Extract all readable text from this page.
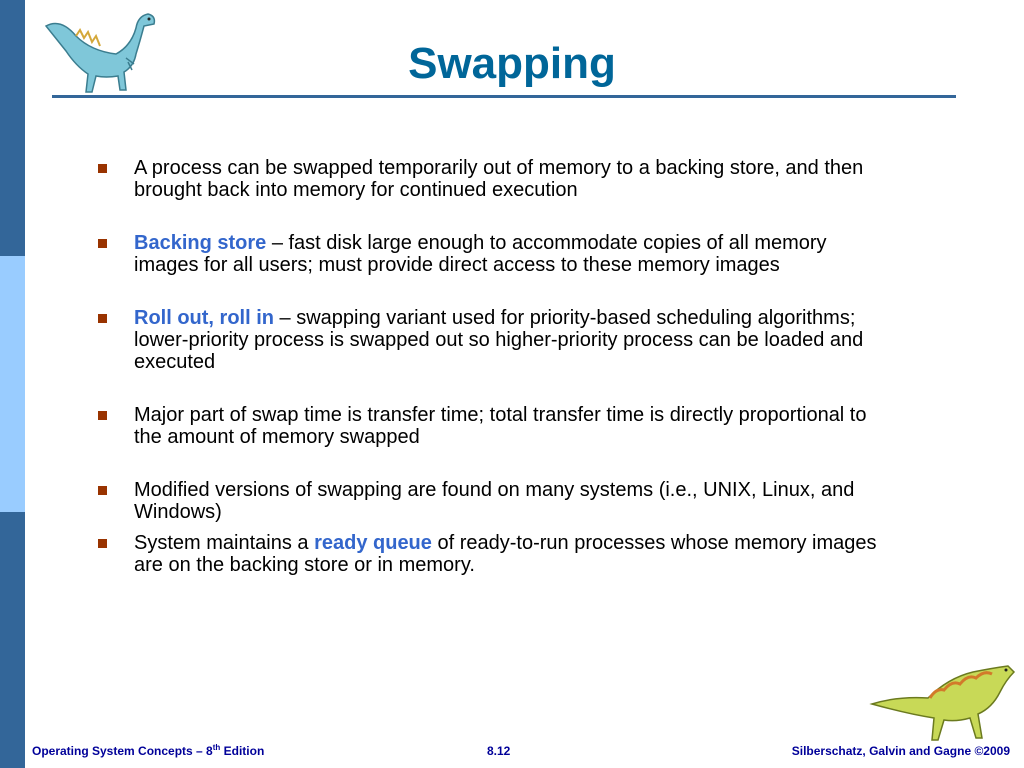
Swapping
A process can be swapped temporarily out of memory to a backing store, and then brought back into memory for continued execution
Backing store – fast disk large enough to accommodate copies of all memory images for all users; must provide direct access to these memory images
Roll out, roll in – swapping variant used for priority-based scheduling algorithms; lower-priority process is swapped out so higher-priority process can be loaded and executed
Major part of swap time is transfer time; total transfer time is directly proportional to the amount of memory swapped
Modified versions of swapping are found on many systems (i.e., UNIX, Linux, and Windows)
System maintains a ready queue of ready-to-run processes whose memory images are on the backing store or in memory.
Operating System Concepts – 8th Edition	8.12	Silberschatz, Galvin and Gagne ©2009
